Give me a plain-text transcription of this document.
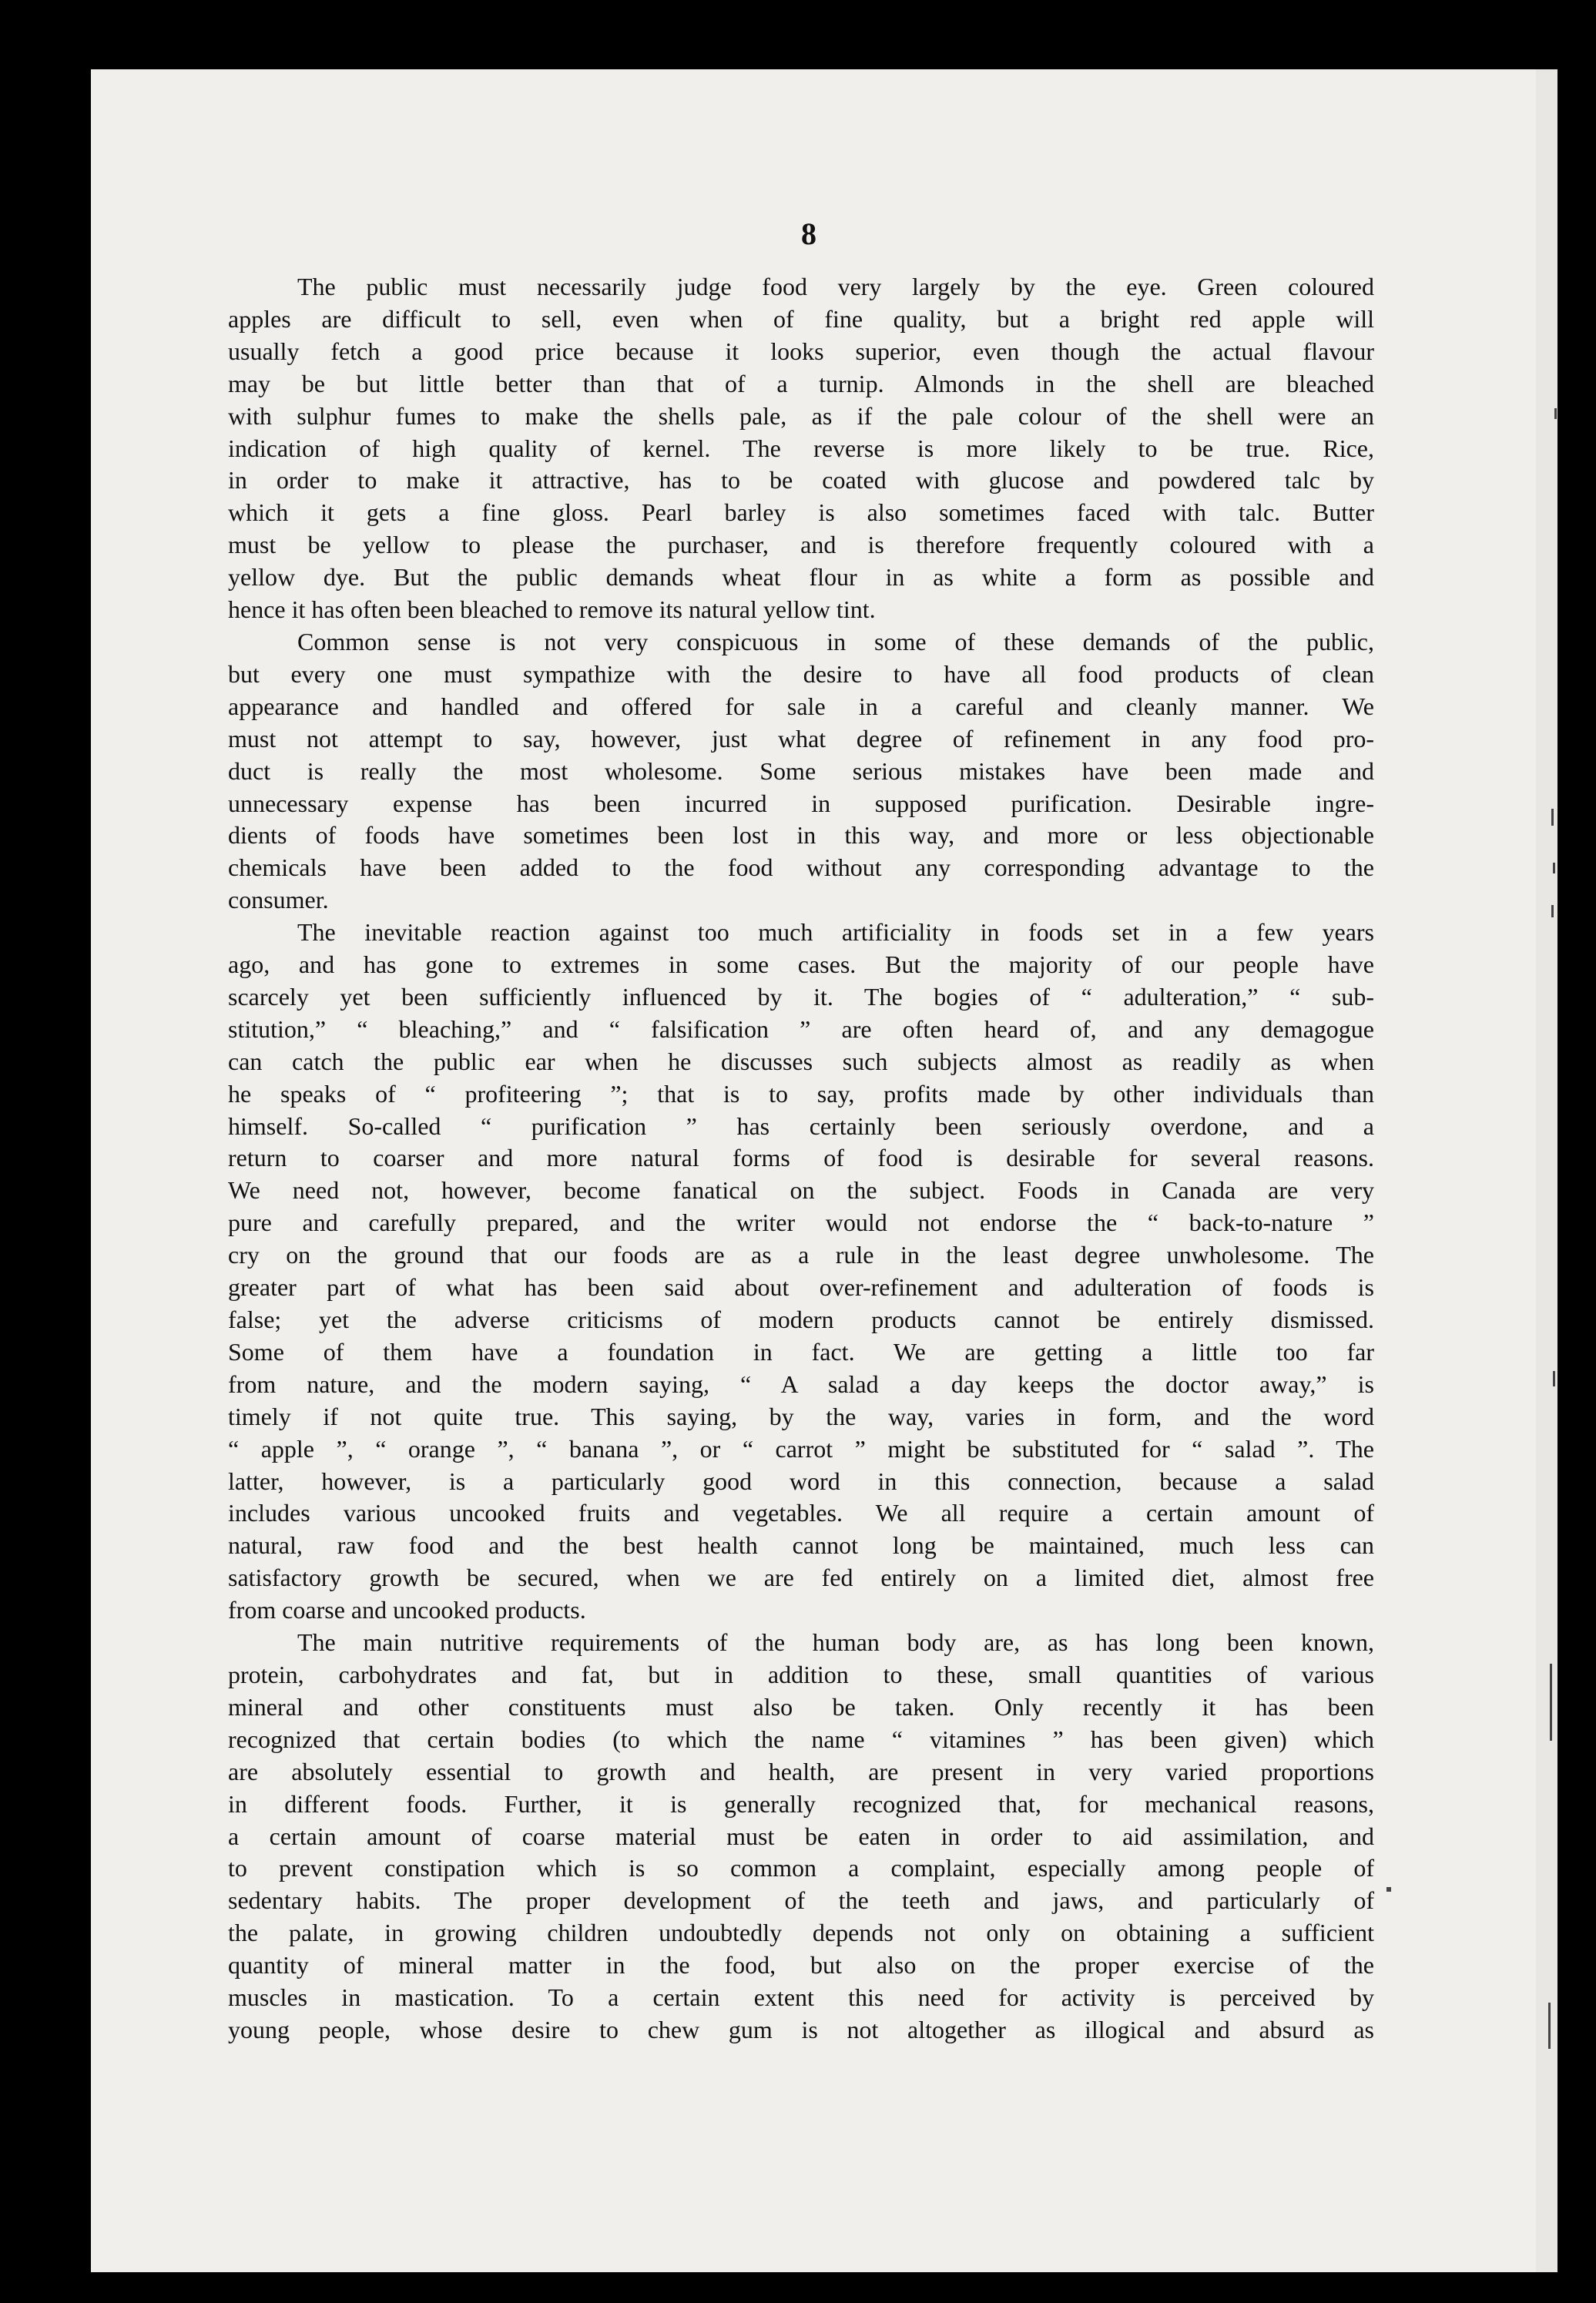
8
The public must necessarily judge food very largely by the eye. Green coloured
apples are difficult to sell, even when of fine quality, but a bright red apple will
usually fetch a good price because it looks superior, even though the actual flavour
may be but little better than that of a turnip. Almonds in the shell are bleached
with sulphur fumes to make the shells pale, as if the pale colour of the shell were an
indication of high quality of kernel. The reverse is more likely to be true. Rice,
in order to make it attractive, has to be coated with glucose and powdered talc by
which it gets a fine gloss. Pearl barley is also sometimes faced with talc. Butter
must be yellow to please the purchaser, and is therefore frequently coloured with a
yellow dye. But the public demands wheat flour in as white a form as possible and
hence it has often been bleached to remove its natural yellow tint.
Common sense is not very conspicuous in some of these demands of the public,
but every one must sympathize with the desire to have all food products of clean
appearance and handled and offered for sale in a careful and cleanly manner. We
must not attempt to say, however, just what degree of refinement in any food pro-
duct is really the most wholesome. Some serious mistakes have been made and
unnecessary expense has been incurred in supposed purification. Desirable ingre-
dients of foods have sometimes been lost in this way, and more or less objectionable
chemicals have been added to the food without any corresponding advantage to the
consumer.
The inevitable reaction against too much artificiality in foods set in a few years
ago, and has gone to extremes in some cases. But the majority of our people have
scarcely yet been sufficiently influenced by it. The bogies of “ adulteration,” “ sub-
stitution,” “ bleaching,” and “ falsification ” are often heard of, and any demagogue
can catch the public ear when he discusses such subjects almost as readily as when
he speaks of “ profiteering ”; that is to say, profits made by other individuals than
himself. So-called “ purification ” has certainly been seriously overdone, and a
return to coarser and more natural forms of food is desirable for several reasons.
We need not, however, become fanatical on the subject. Foods in Canada are very
pure and carefully prepared, and the writer would not endorse the “ back-to-nature ”
cry on the ground that our foods are as a rule in the least degree unwholesome. The
greater part of what has been said about over-refinement and adulteration of foods is
false; yet the adverse criticisms of modern products cannot be entirely dismissed.
Some of them have a foundation in fact. We are getting a little too far
from nature, and the modern saying, “ A salad a day keeps the doctor away,” is
timely if not quite true. This saying, by the way, varies in form, and the word
“ apple ”, “ orange ”, “ banana ”, or “ carrot ” might be substituted for “ salad ”. The
latter, however, is a particularly good word in this connection, because a salad
includes various uncooked fruits and vegetables. We all require a certain amount of
natural, raw food and the best health cannot long be maintained, much less can
satisfactory growth be secured, when we are fed entirely on a limited diet, almost free
from coarse and uncooked products.
The main nutritive requirements of the human body are, as has long been known,
protein, carbohydrates and fat, but in addition to these, small quantities of various
mineral and other constituents must also be taken. Only recently it has been
recognized that certain bodies (to which the name “ vitamines ” has been given) which
are absolutely essential to growth and health, are present in very varied proportions
in different foods. Further, it is generally recognized that, for mechanical reasons,
a certain amount of coarse material must be eaten in order to aid assimilation, and
to prevent constipation which is so common a complaint, especially among people of
sedentary habits. The proper development of the teeth and jaws, and particularly of
the palate, in growing children undoubtedly depends not only on obtaining a sufficient
quantity of mineral matter in the food, but also on the proper exercise of the
muscles in mastication. To a certain extent this need for activity is perceived by
young people, whose desire to chew gum is not altogether as illogical and absurd as
